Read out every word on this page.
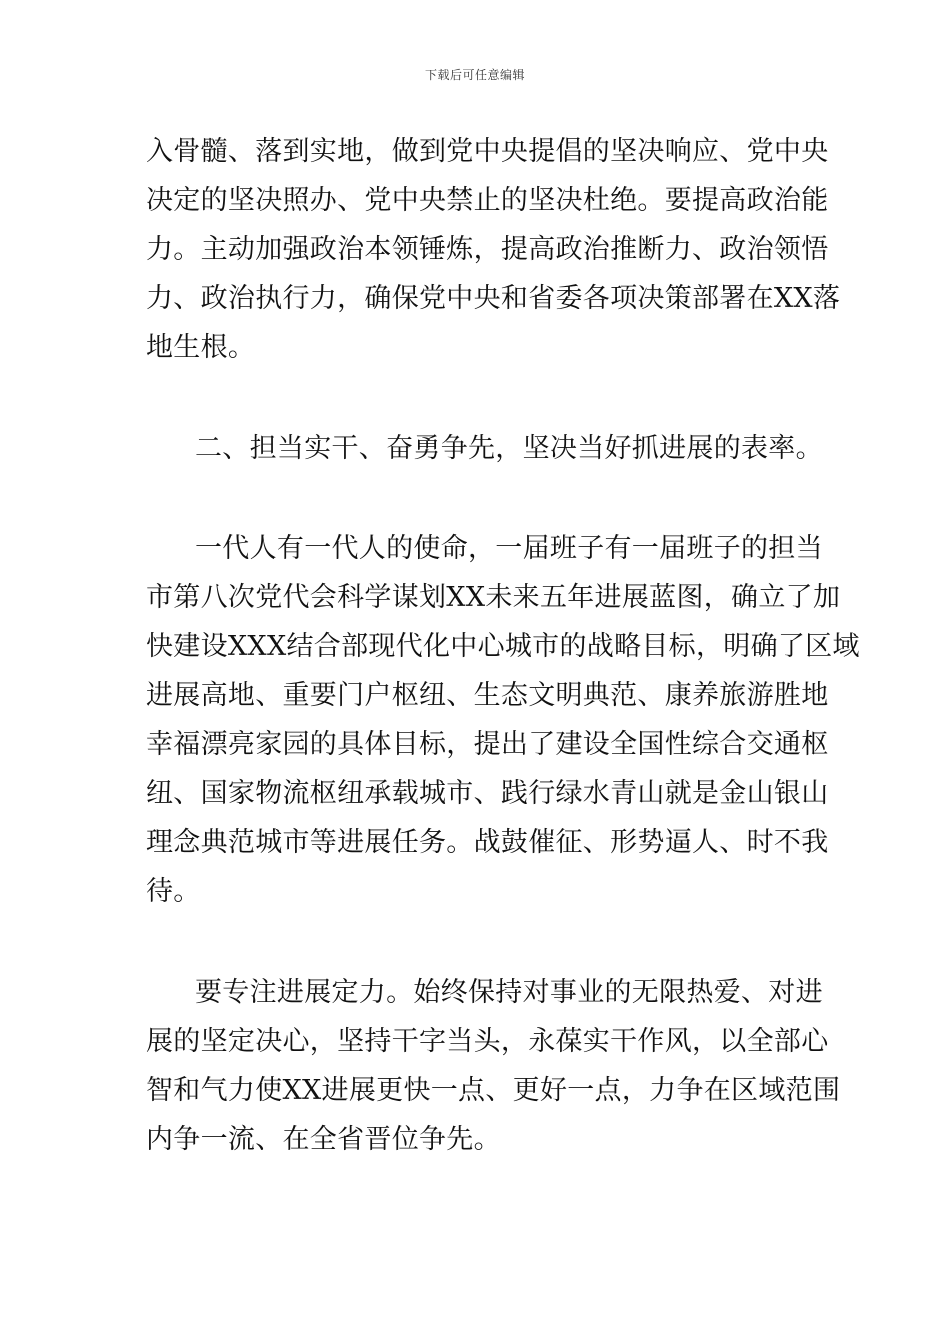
下载后可任意编辑
入骨髓、落到实地，做到党中央提倡的坚决响应、党中央
决定的坚决照办、党中央禁止的坚决杜绝。要提高政治能
力。主动加强政治本领锤炼，提高政治推断力、政治领悟
力、政治执行力，确保党中央和省委各项决策部署在XX落
地生根。
二、担当实干、奋勇争先，坚决当好抓进展的表率。
一代人有一代人的使命，一届班子有一届班子的担当
市第八次党代会科学谋划XX未来五年进展蓝图，确立了加
快建设XXX结合部现代化中心城市的战略目标，明确了区域
进展高地、重要门户枢纽、生态文明典范、康养旅游胜地
幸福漂亮家园的具体目标，提出了建设全国性综合交通枢
纽、国家物流枢纽承载城市、践行绿水青山就是金山银山
理念典范城市等进展任务。战鼓催征、形势逼人、时不我
待。
要专注进展定力。始终保持对事业的无限热爱、对进
展的坚定决心，坚持干字当头，永葆实干作风，以全部心
智和气力使XX进展更快一点、更好一点，力争在区域范围
内争一流、在全省晋位争先。
